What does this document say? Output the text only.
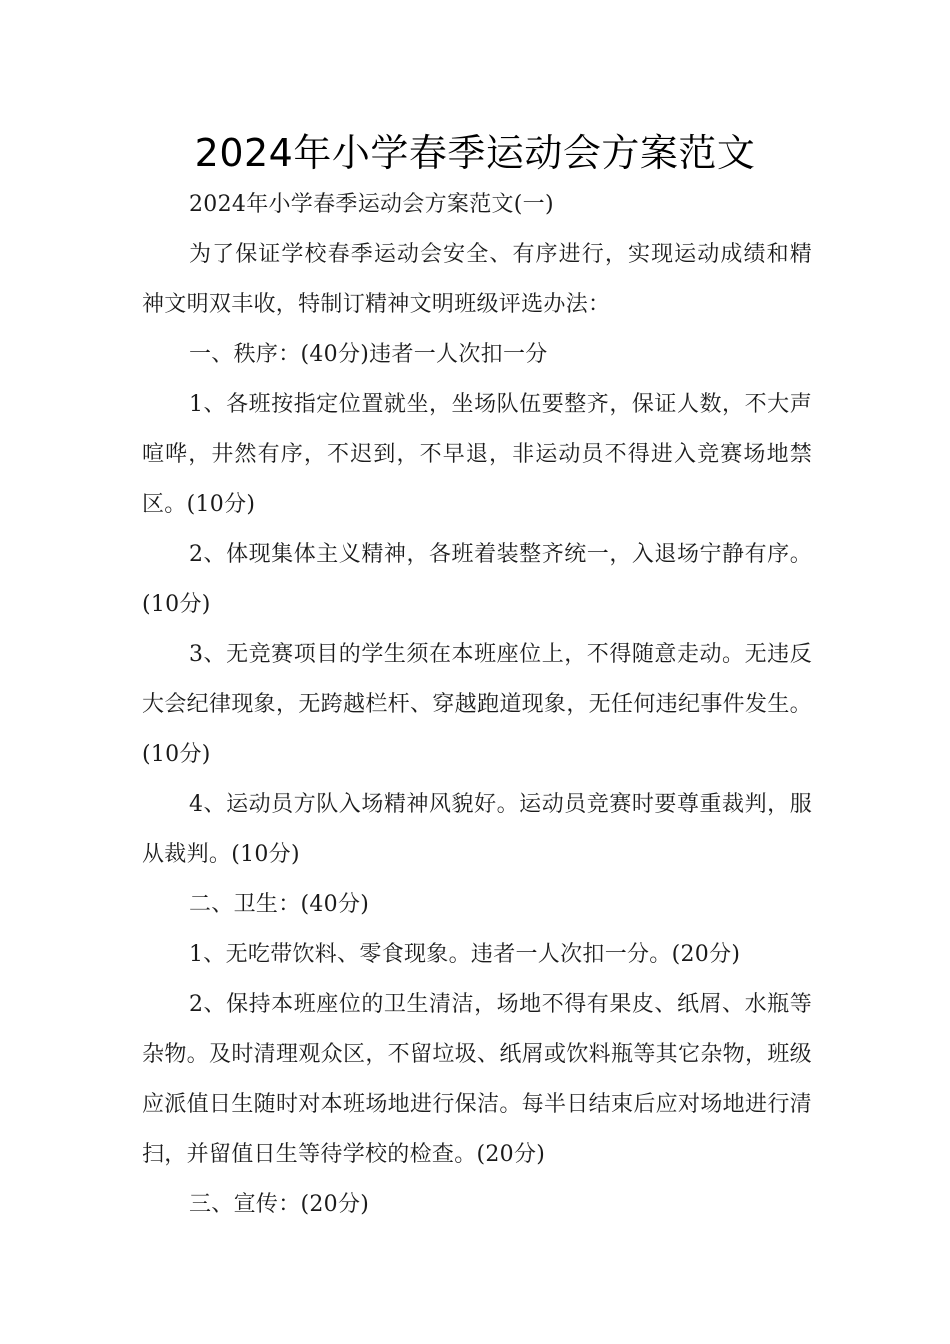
2024年小学春季运动会方案范文

2024年小学春季运动会方案范文(一)

为了保证学校春季运动会安全、有序进行，实现运动成绩和精神文明双丰收，特制订精神文明班级评选办法：

一、秩序：(40分)违者一人次扣一分

1、各班按指定位置就坐，坐场队伍要整齐，保证人数，不大声喧哗，井然有序，不迟到，不早退，非运动员不得进入竞赛场地禁区。(10分)

2、体现集体主义精神，各班着装整齐统一，入退场宁静有序。(10分)

3、无竞赛项目的学生须在本班座位上，不得随意走动。无违反大会纪律现象，无跨越栏杆、穿越跑道现象，无任何违纪事件发生。(10分)

4、运动员方队入场精神风貌好。运动员竞赛时要尊重裁判，服从裁判。(10分)

二、卫生：(40分)

1、无吃带饮料、零食现象。违者一人次扣一分。(20分)

2、保持本班座位的卫生清洁，场地不得有果皮、纸屑、水瓶等杂物。及时清理观众区，不留垃圾、纸屑或饮料瓶等其它杂物，班级应派值日生随时对本班场地进行保洁。每半日结束后应对场地进行清扫，并留值日生等待学校的检查。(20分)

三、宣传：(20分)
